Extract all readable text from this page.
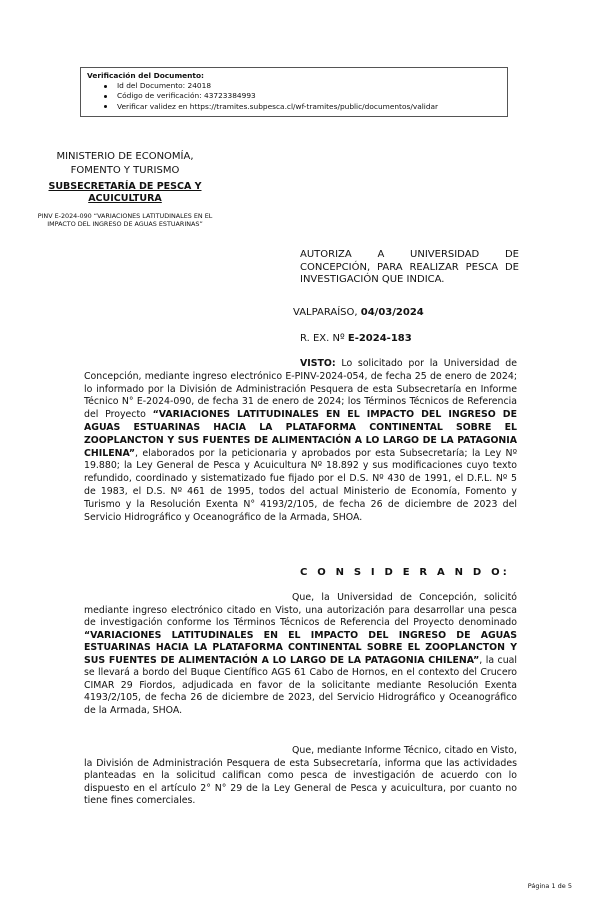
Verificación del Documento:
Id del Documento: 24018
Código de verificación: 43723384993
Verificar validez en https://tramites.subpesca.cl/wf-tramites/public/documentos/validar
MINISTERIO DE ECONOMÍA, FOMENTO Y TURISMO
SUBSECRETARÍA DE PESCA Y ACUICULTURA
PINV E-2024-090 “VARIACIONES LATITUDINALES EN EL IMPACTO DEL INGRESO DE AGUAS ESTUARINAS”
AUTORIZA A UNIVERSIDAD DE CONCEPCIÓN, PARA REALIZAR PESCA DE INVESTIGACIÓN QUE INDICA.
VALPARAÍSO, 04/03/2024
R. EX. Nº E-2024-183
VISTO: Lo solicitado por la Universidad de Concepción, mediante ingreso electrónico E-PINV-2024-054, de fecha 25 de enero de 2024; lo informado por la División de Administración Pesquera de esta Subsecretaría en Informe Técnico N° E-2024-090, de fecha 31 de enero de 2024; los Términos Técnicos de Referencia del Proyecto “VARIACIONES LATITUDINALES EN EL IMPACTO DEL INGRESO DE AGUAS ESTUARINAS HACIA LA PLATAFORMA CONTINENTAL SOBRE EL ZOOPLANCTON Y SUS FUENTES DE ALIMENTACIÓN A LO LARGO DE LA PATAGONIA CHILENA”, elaborados por la peticionaria y aprobados por esta Subsecretaría; la Ley Nº 19.880; la Ley General de Pesca y Acuicultura Nº 18.892 y sus modificaciones cuyo texto refundido, coordinado y sistematizado fue fijado por el D.S. Nº 430 de 1991, el D.F.L. Nº 5 de 1983, el D.S. Nº 461 de 1995, todos del actual Ministerio de Economía, Fomento y Turismo y la Resolución Exenta N° 4193/2/105, de fecha 26 de diciembre de 2023 del Servicio Hidrográfico y Oceanográfico de la Armada, SHOA.
C O N S I D E R A N D O:
Que, la Universidad de Concepción, solicitó mediante ingreso electrónico citado en Visto, una autorización para desarrollar una pesca de investigación conforme los Términos Técnicos de Referencia del Proyecto denominado “VARIACIONES LATITUDINALES EN EL IMPACTO DEL INGRESO DE AGUAS ESTUARINAS HACIA LA PLATAFORMA CONTINENTAL SOBRE EL ZOOPLANCTON Y SUS FUENTES DE ALIMENTACIÓN A LO LARGO DE LA PATAGONIA CHILENA”, la cual se llevará a bordo del Buque Científico AGS 61 Cabo de Hornos, en el contexto del Crucero CIMAR 29 Fiordos, adjudicada en favor de la solicitante mediante Resolución Exenta 4193/2/105, de fecha 26 de diciembre de 2023, del Servicio Hidrográfico y Oceanográfico de la Armada, SHOA.
Que, mediante Informe Técnico, citado en Visto, la División de Administración Pesquera de esta Subsecretaría, informa que las actividades planteadas en la solicitud califican como pesca de investigación de acuerdo con lo dispuesto en el artículo 2° N° 29 de la Ley General de Pesca y acuicultura, por cuanto no tiene fines comerciales.
Página 1 de 5
